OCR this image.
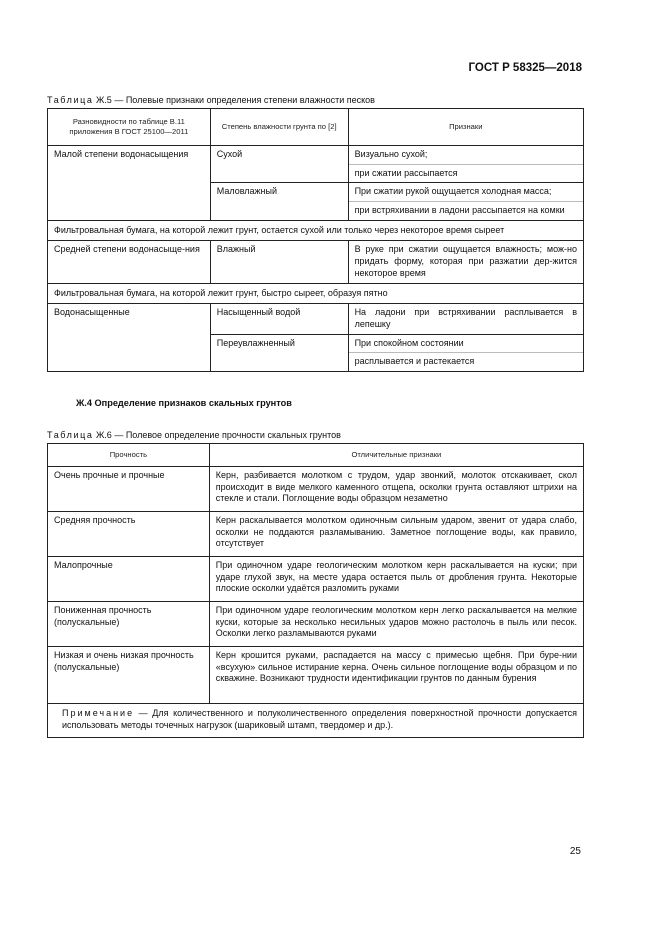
ГОСТ Р 58325—2018
Таблица Ж.5 — Полевые признаки определения степени влажности песков
Разновидности по таблице В.11 приложения В ГОСТ 25100—2011	Степень влажности грунта по [2]	Признаки
Малой степени водонасыщения	Сухой	Визуально сухой;
при сжатии рассыпается

	Маловлажный	При сжатии рукой ощущается холодная масса;
при встряхивании в ладони рассыпается на комки

Фильтровальная бумага, на которой лежит грунт, остается сухой или только через некоторое время сыреет		
Средней степени водонасыще-ния	Влажный	В руке при сжатии ощущается влажность; мож-но придать форму, которая при разжатии дер-жится некоторое время
Фильтровальная бумага, на которой лежит грунт, быстро сыреет, образуя пятно		
Водонасыщенные	Насыщенный водой	На ладони при встряхивании расплывается в лепешку
	Переувлажненный	При спокойном состоянии
расплывается и растекается
Ж.4 Определение признаков скальных грунтов
Таблица Ж.6 — Полевое определение прочности скальных грунтов
Прочность	Отличительные признаки
Очень прочные и прочные	Керн, разбивается молотком с трудом, удар звонкий, молоток отскакивает, скол происходит в виде мелкого каменного отщепа, осколки грунта оставляют штрихи на стекле и стали. Поглощение воды образцом незаметно
Средняя прочность	Керн раскалывается молотком одиночным сильным ударом, звенит от удара слабо, осколки не поддаются разламыванию. Заметное поглощение воды, как правило, отсутствует
Малопрочные	При одиночном ударе геологическим молотком керн раскалывается на куски; при ударе глухой звук, на месте удара остается пыль от дробления грунта. Некоторые плоские осколки удаётся разломить руками
Пониженная прочность (полускальные)	При одиночном ударе геологическим молотком керн легко раскалывается на мелкие куски, которые за несколько несильных ударов можно растолочь в пыль или песок. Осколки легко разламываются руками
Низкая и очень низкая прочность (полускальные)	Керн крошится руками, распадается на массу с примесью щебня. При буре-нии «всухую» сильное истирание керна. Очень сильное поглощение воды образцом и по скважине. Возникают трудности идентификации грунтов по данным бурения
Примечание — Для количественного и полуколичественного определения поверхностной прочности допускается использовать методы точечных нагрузок (шариковый штамп, твердомер и др.).	
25
